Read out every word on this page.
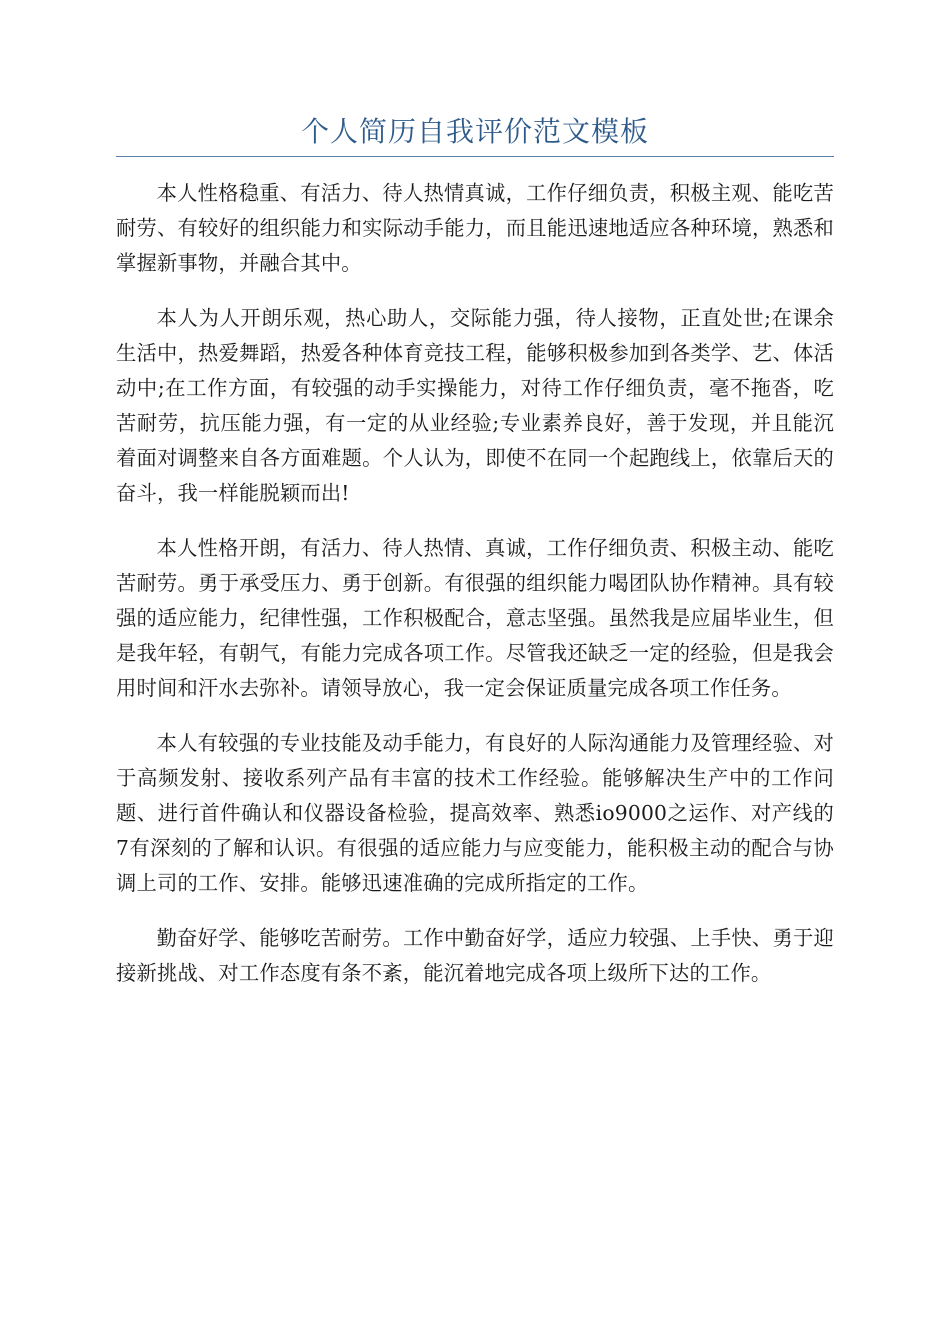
个人简历自我评价范文模板

本人性格稳重、有活力、待人热情真诚，工作仔细负责，积极主观、能吃苦耐劳、有较好的组织能力和实际动手能力，而且能迅速地适应各种环境，熟悉和掌握新事物，并融合其中。

本人为人开朗乐观，热心助人，交际能力强，待人接物，正直处世;在课余生活中，热爱舞蹈，热爱各种体育竞技工程，能够积极参加到各类学、艺、体活动中;在工作方面，有较强的动手实操能力，对待工作仔细负责，毫不拖沓，吃苦耐劳，抗压能力强，有一定的从业经验;专业素养良好，善于发现，并且能沉着面对调整来自各方面难题。个人认为，即使不在同一个起跑线上，依靠后天的奋斗，我一样能脱颖而出!

本人性格开朗，有活力、待人热情、真诚，工作仔细负责、积极主动、能吃苦耐劳。勇于承受压力、勇于创新。有很强的组织能力喝团队协作精神。具有较强的适应能力，纪律性强，工作积极配合，意志坚强。虽然我是应届毕业生，但是我年轻，有朝气，有能力完成各项工作。尽管我还缺乏一定的经验，但是我会用时间和汗水去弥补。请领导放心，我一定会保证质量完成各项工作任务。

本人有较强的专业技能及动手能力，有良好的人际沟通能力及管理经验、对于高频发射、接收系列产品有丰富的技术工作经验。能够解决生产中的工作问题、进行首件确认和仪器设备检验，提高效率、熟悉io9000之运作、对产线的7有深刻的了解和认识。有很强的适应能力与应变能力，能积极主动的配合与协调上司的工作、安排。能够迅速准确的完成所指定的工作。

勤奋好学、能够吃苦耐劳。工作中勤奋好学，适应力较强、上手快、勇于迎接新挑战、对工作态度有条不紊，能沉着地完成各项上级所下达的工作。
